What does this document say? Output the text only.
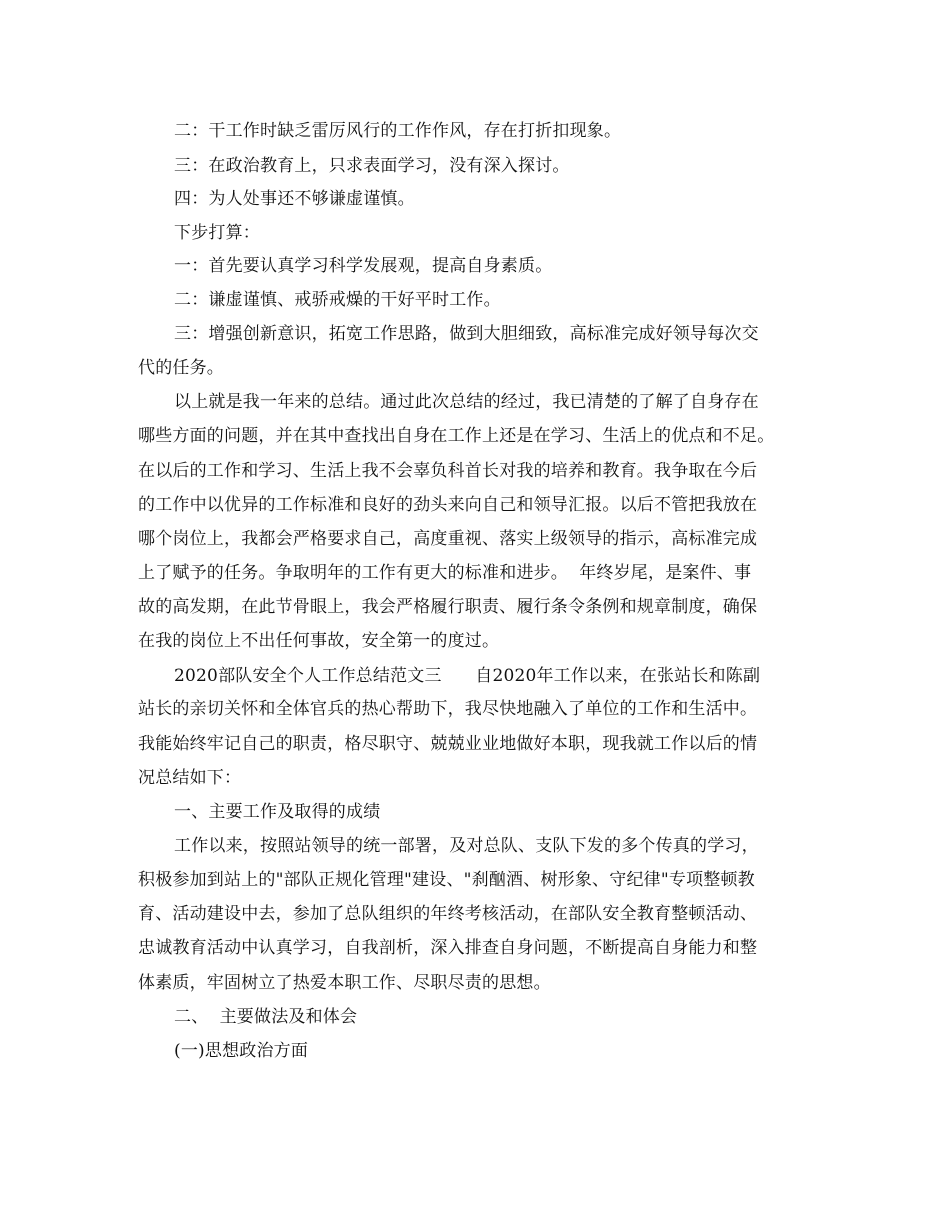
二：干工作时缺乏雷厉风行的工作作风，存在打折扣现象。
三：在政治教育上，只求表面学习，没有深入探讨。
四：为人处事还不够谦虚谨慎。
下步打算：
一：首先要认真学习科学发展观，提高自身素质。
二：谦虚谨慎、戒骄戒燥的干好平时工作。
三：增强创新意识，拓宽工作思路，做到大胆细致，高标准完成好领导每次交
代的任务。
以上就是我一年来的总结。通过此次总结的经过，我已清楚的了解了自身存在
哪些方面的问题，并在其中查找出自身在工作上还是在学习、生活上的优点和不足。
在以后的工作和学习、生活上我不会辜负科首长对我的培养和教育。我争取在今后
的工作中以优异的工作标准和良好的劲头来向自己和领导汇报。以后不管把我放在
哪个岗位上，我都会严格要求自己，高度重视、落实上级领导的指示，高标准完成
上了赋予的任务。争取明年的工作有更大的标准和进步。  年终岁尾，是案件、事
故的高发期，在此节骨眼上，我会严格履行职责、履行条令条例和规章制度，确保
在我的岗位上不出任何事故，安全第一的度过。
2020部队安全个人工作总结范文三      自2020年工作以来，在张站长和陈副
站长的亲切关怀和全体官兵的热心帮助下，我尽快地融入了单位的工作和生活中。
我能始终牢记自己的职责，格尽职守、兢兢业业地做好本职，现我就工作以后的情
况总结如下：
一、主要工作及取得的成绩
工作以来，按照站领导的统一部署，及对总队、支队下发的多个传真的学习，
积极参加到站上的"部队正规化管理"建设、"刹酗酒、树形象、守纪律"专项整顿教
育、活动建设中去，参加了总队组织的年终考核活动，在部队安全教育整顿活动、
忠诚教育活动中认真学习，自我剖析，深入排查自身问题，不断提高自身能力和整
体素质，牢固树立了热爱本职工作、尽职尽责的思想。
二、  主要做法及和体会
(一)思想政治方面
